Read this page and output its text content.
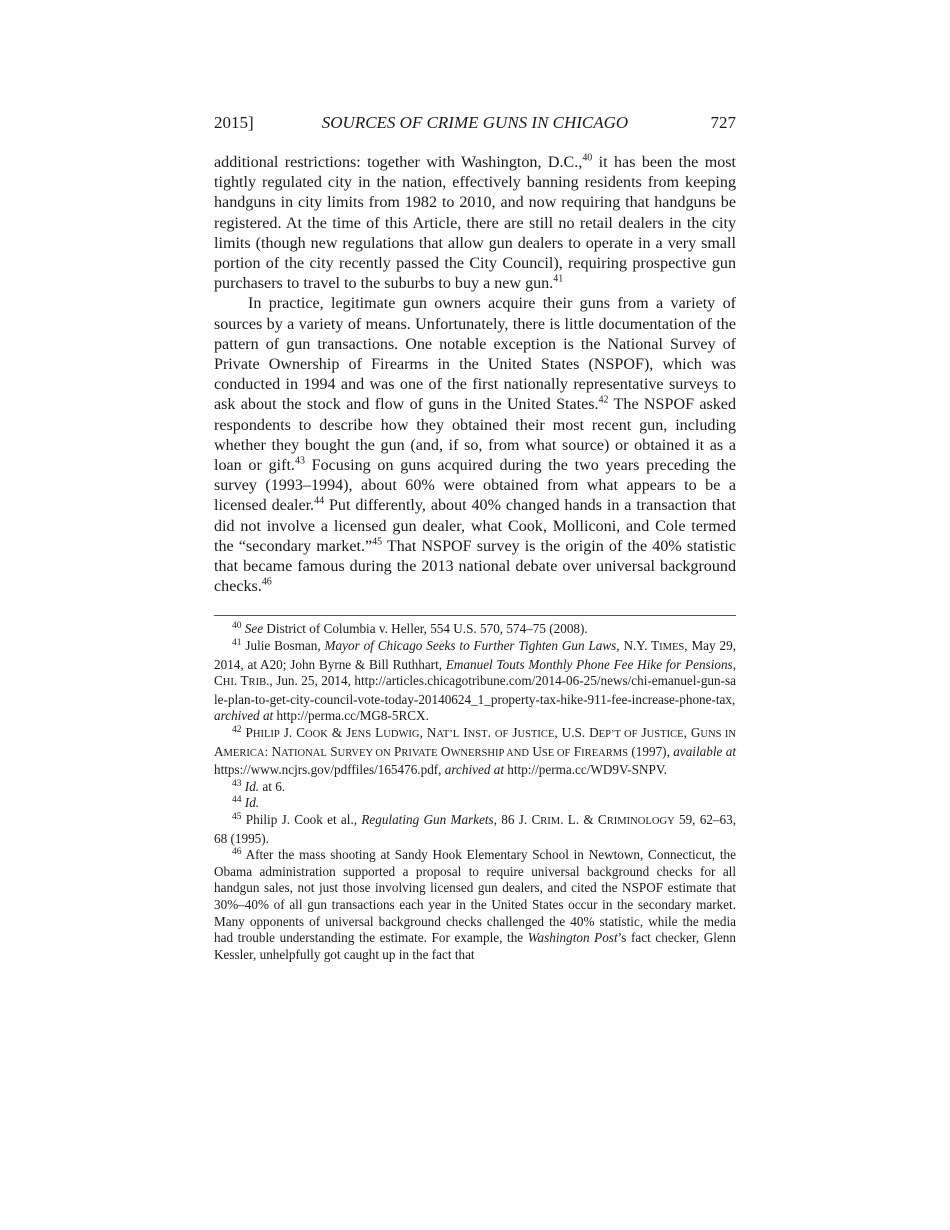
2015]	SOURCES OF CRIME GUNS IN CHICAGO	727

additional restrictions: together with Washington, D.C.,$^{40}$ it has been the most tightly regulated city in the nation, effectively banning residents from keeping handguns in city limits from 1982 to 2010, and now requiring that handguns be registered. At the time of this Article, there are still no retail dealers in the city limits (though new regulations that allow gun dealers to operate in a very small portion of the city recently passed the City Council), requiring prospective gun purchasers to travel to the suburbs to buy a new gun.$^{41}$

In practice, legitimate gun owners acquire their guns from a variety of sources by a variety of means. Unfortunately, there is little documentation of the pattern of gun transactions. One notable exception is the National Survey of Private Ownership of Firearms in the United States (NSPOF), which was conducted in 1994 and was one of the first nationally representative surveys to ask about the stock and flow of guns in the United States.$^{42}$ The NSPOF asked respondents to describe how they obtained their most recent gun, including whether they bought the gun (and, if so, from what source) or obtained it as a loan or gift.$^{43}$ Focusing on guns acquired during the two years preceding the survey (1993–1994), about 60% were obtained from what appears to be a licensed dealer.$^{44}$ Put differently, about 40% changed hands in a transaction that did not involve a licensed gun dealer, what Cook, Molliconi, and Cole termed the “secondary market.”$^{45}$ That NSPOF survey is the origin of the 40% statistic that became famous during the 2013 national debate over universal background checks.$^{46}$

$^{40}$ See District of Columbia v. Heller, 554 U.S. 570, 574–75 (2008).

$^{41}$ Julie Bosman, Mayor of Chicago Seeks to Further Tighten Gun Laws, N.Y. TIMES, May 29, 2014, at A20; John Byrne & Bill Ruthhart, Emanuel Touts Monthly Phone Fee Hike for Pensions, CHI. TRIB., Jun. 25, 2014, http://articles.chicagotribune.com/2014-06-25/news/chi-emanuel-gun-sale-plan-to-get-city-council-vote-today-20140624_1_property-tax-hike-911-fee-increase-phone-tax, archived at http://perma.cc/MG8-5RCX.

$^{42}$ PHILIP J. COOK & JENS LUDWIG, NAT’L INST. OF JUSTICE, U.S. DEP’T OF JUSTICE, GUNS IN AMERICA: NATIONAL SURVEY ON PRIVATE OWNERSHIP AND USE OF FIREARMS (1997), available at https://www.ncjrs.gov/pdffiles/165476.pdf, archived at http://perma.cc/WD9V-SNPV.

$^{43}$ Id. at 6.

$^{44}$ Id.

$^{45}$ Philip J. Cook et al., Regulating Gun Markets, 86 J. CRIM. L. & CRIMINOLOGY 59, 62–63, 68 (1995).

$^{46}$ After the mass shooting at Sandy Hook Elementary School in Newtown, Connecticut, the Obama administration supported a proposal to require universal background checks for all handgun sales, not just those involving licensed gun dealers, and cited the NSPOF estimate that 30%–40% of all gun transactions each year in the United States occur in the secondary market. Many opponents of universal background checks challenged the 40% statistic, while the media had trouble understanding the estimate. For example, the Washington Post’s fact checker, Glenn Kessler, unhelpfully got caught up in the fact that
